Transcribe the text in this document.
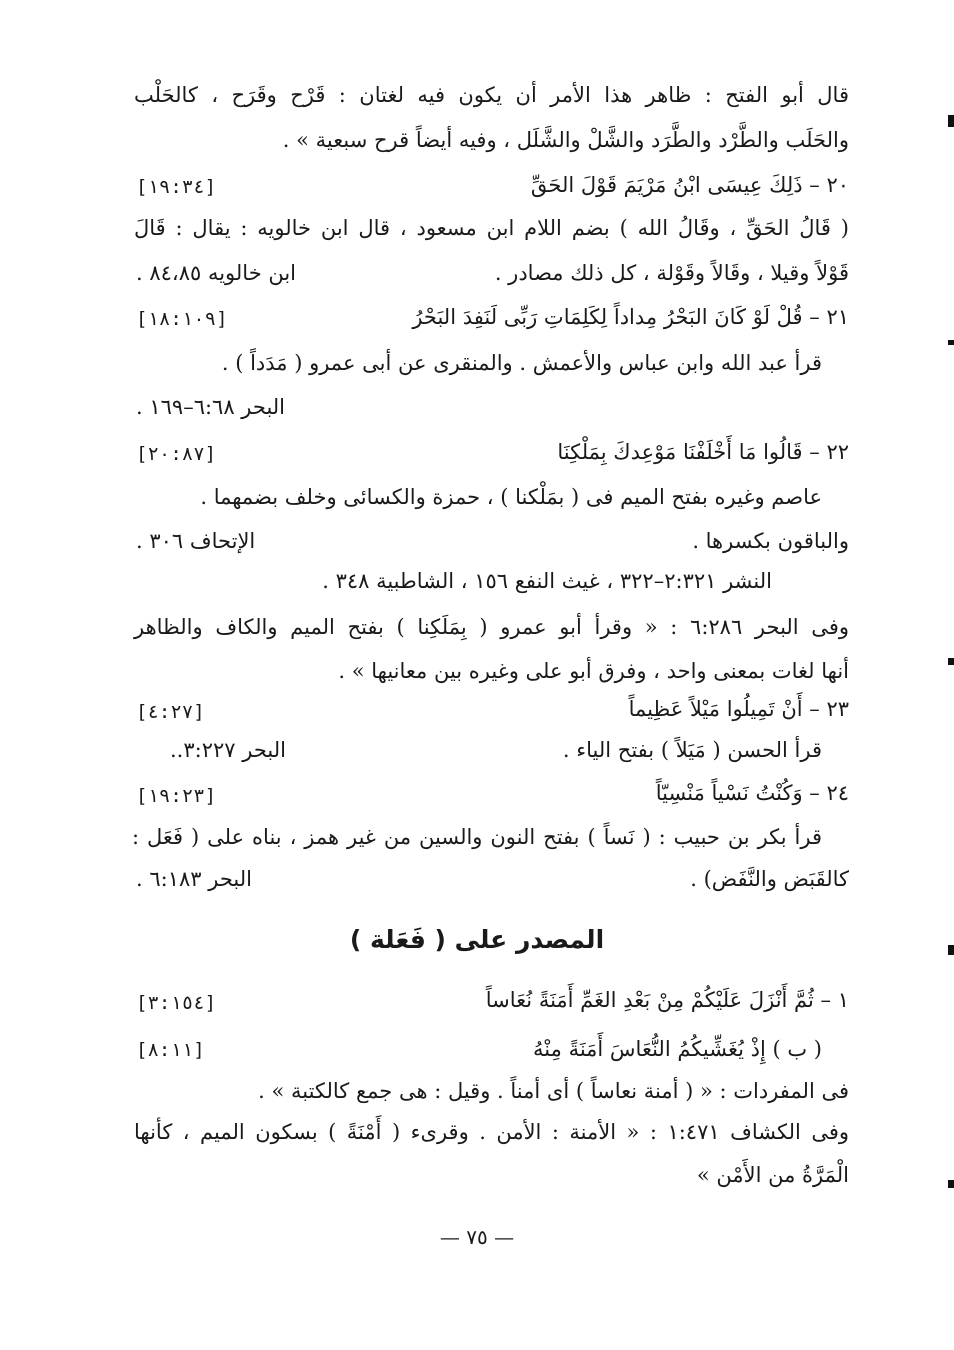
قال أبو الفتح : ظاهر هذا الأمر أن يكون فيه لغتان : قَرْح وقَرَح ، كالحَلْب
والحَلَب والطَّرْد والطَّرَد والشَّلْ والشَّلَل ، وفيه أيضاً قرح سبعية » .
٢٠ – ذَلِكَ عِيسَى ابْنُ مَرْيَمَ قَوْلَ الحَقِّ
[١٩:٣٤]
( قَالُ الحَقِّ ، وقَالُ الله ) بضم اللام ابن مسعود ، قال ابن خالويه : يقال : قَالَ
قَوْلاً وقيلا ، وقَالاً وقَوْلة ، كل ذلك مصادر .
ابن خالويه ٨٤،٨٥ .
٢١ – قُلْ لَوْ كَانَ البَحْرُ مِداداً لِكَلِمَاتِ رَبِّى لَنَفِدَ البَحْرُ
[١٨:١٠٩]
قرأ عبد الله وابن عباس والأعمش . والمنقرى عن أبى عمرو ( مَدَداً ) .
البحر ٦:٦٨–١٦٩ .
٢٢ – قَالُوا مَا أَخْلَفْنَا مَوْعِدكَ بِمَلْكِنَا
[٢٠:٨٧]
عاصم وغيره بفتح الميم فى ( بمَلْكنا ) ، حمزة والكسائى وخلف بضمهما .
والباقون بكسرها .
الإتحاف ٣٠٦ .
النشر ٢:٣٢١–٣٢٢ ، غيث النفع ١٥٦ ، الشاطبية ٣٤٨ .
وفى البحر ٦:٢٨٦ : « وقرأ أبو عمرو ( بِمَلَكِنا ) بفتح الميم والكاف والظاهر
أنها لغات بمعنى واحد ، وفرق أبو على وغيره بين معانيها » .
٢٣ – أَنْ تَمِيلُوا مَيْلاً عَظِيماً
[٤:٢٧]
قرأ الحسن ( مَيَلاً ) بفتح الياء .
البحر ٣:٢٢٧..
٢٤ – وَكُنْتُ نَسْياً مَنْسِيّاً
[١٩:٢٣]
قرأ بكر بن حبيب : ( نَساً ) بفتح النون والسين من غير همز ، بناه على ( فَعَل :
كالقَبَض والنَّفَض) .
البحر ٦:١٨٣ .
المصدر على ( فَعَلة )
١ – ثُمَّ أَنْزَلَ عَلَيْكُمْ مِنْ بَعْدِ الغَمِّ أَمَنَةً نُعَاساً
[٣:١٥٤]
( ب ) إِذْ يُغَشِّيكُمُ النُّعَاسَ أَمَنَةً مِنْهُ
[٨:١١]
فى المفردات : « ( أمنة نعاساً ) أى أمناً . وقيل : هى جمع كالكتبة » .
وفى الكشاف ١:٤٧١ : « الأمنة : الأمن . وقرىء ( أَمْنَةً ) بسكون الميم ، كأنها
الْمَرَّةُ من الأَمْن »
— ٧٥ —
